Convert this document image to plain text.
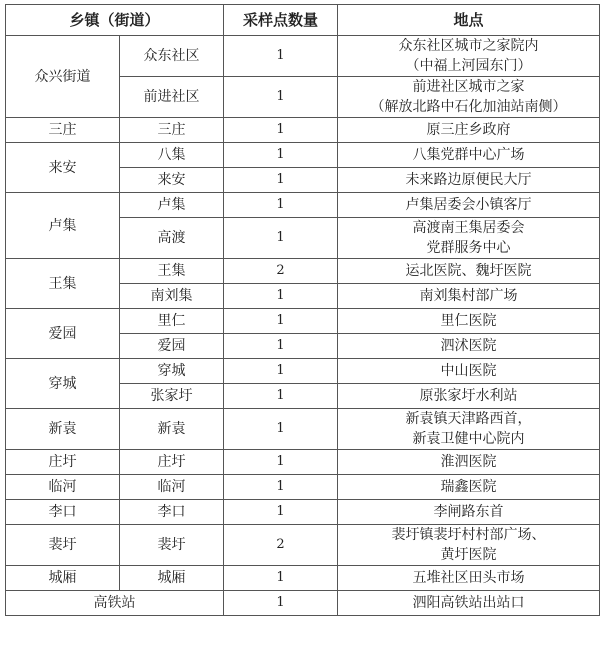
乡镇（街道）		采样点数量	地点
众兴街道	众东社区	1	众东社区城市之家院内
（中福上河园东门）

	前进社区	1	前进社区城市之家
（解放北路中石化加油站南侧）

三庄	三庄	1	原三庄乡政府
来安	八集	1	八集党群中心广场
	来安	1	未来路边原便民大厅
卢集	卢集	1	卢集居委会小镇客厅
	高渡	1	高渡南王集居委会
党群服务中心

王集	王集	2	运北医院、魏圩医院
	南刘集	1	南刘集村部广场
爱园	里仁	1	里仁医院
	爱园	1	泗沭医院
穿城	穿城	1	中山医院
	张家圩	1	原张家圩水利站
新袁	新袁	1	新袁镇天津路西首，
新袁卫健中心院内

庄圩	庄圩	1	淮泗医院
临河	临河	1	瑞鑫医院
李口	李口	1	李闸路东首
裴圩	裴圩	2	裴圩镇裴圩村村部广场、
黄圩医院

城厢	城厢	1	五堆社区田头市场
高铁站		1	泗阳高铁站出站口
